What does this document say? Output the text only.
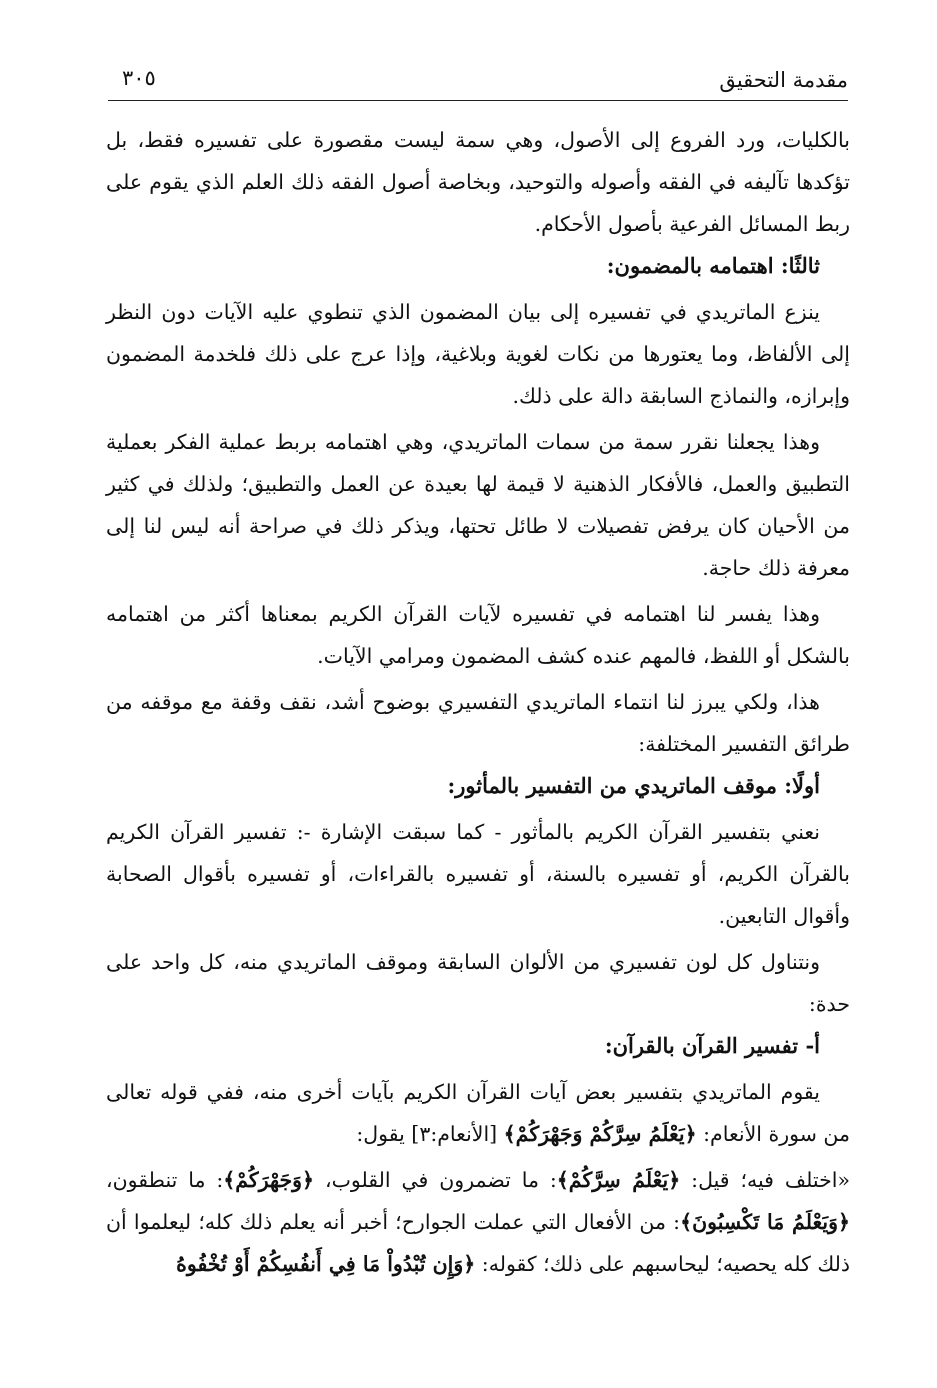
مقدمة التحقيق
٣٠٥

بالكليات، ورد الفروع إلى الأصول، وهي سمة ليست مقصورة على تفسيره فقط، بل تؤكدها تآليفه في الفقه وأصوله والتوحيد، وبخاصة أصول الفقه ذلك العلم الذي يقوم على ربط المسائل الفرعية بأصول الأحكام.

ثالثًا: اهتمامه بالمضمون:

ينزع الماتريدي في تفسيره إلى بيان المضمون الذي تنطوي عليه الآيات دون النظر إلى الألفاظ، وما يعتورها من نكات لغوية وبلاغية، وإذا عرج على ذلك فلخدمة المضمون وإبرازه، والنماذج السابقة دالة على ذلك.

وهذا يجعلنا نقرر سمة من سمات الماتريدي، وهي اهتمامه بربط عملية الفكر بعملية التطبيق والعمل، فالأفكار الذهنية لا قيمة لها بعيدة عن العمل والتطبيق؛ ولذلك في كثير من الأحيان كان يرفض تفصيلات لا طائل تحتها، ويذكر ذلك في صراحة أنه ليس لنا إلى معرفة ذلك حاجة.

وهذا يفسر لنا اهتمامه في تفسيره لآيات القرآن الكريم بمعناها أكثر من اهتمامه بالشكل أو اللفظ، فالمهم عنده كشف المضمون ومرامي الآيات.

هذا، ولكي يبرز لنا انتماء الماتريدي التفسيري بوضوح أشد، نقف وقفة مع موقفه من طرائق التفسير المختلفة:

أولًا: موقف الماتريدي من التفسير بالمأثور:

نعني بتفسير القرآن الكريم بالمأثور - كما سبقت الإشارة -: تفسير القرآن الكريم بالقرآن الكريم، أو تفسيره بالسنة، أو تفسيره بالقراءات، أو تفسيره بأقوال الصحابة وأقوال التابعين.

ونتناول كل لون تفسيري من الألوان السابقة وموقف الماتريدي منه، كل واحد على حدة:

أ- تفسير القرآن بالقرآن:

يقوم الماتريدي بتفسير بعض آيات القرآن الكريم بآيات أخرى منه، ففي قوله تعالى من سورة الأنعام: ﴿يَعْلَمُ سِرَّكُمْ وَجَهْرَكُمْ﴾ [الأنعام:٣] يقول:

«اختلف فيه؛ قيل: ﴿يَعْلَمُ سِرَّكُمْ﴾: ما تضمرون في القلوب، ﴿وَجَهْرَكُمْ﴾: ما تنطقون، ﴿وَيَعْلَمُ مَا تَكْسِبُونَ﴾: من الأفعال التي عملت الجوارح؛ أخبر أنه يعلم ذلك كله؛ ليعلموا أن ذلك كله يحصيه؛ ليحاسبهم على ذلك؛ كقوله: ﴿وَإِن تُبْدُواْ مَا فِي أَنفُسِكُمْ أَوْ تُخْفُوهُ
